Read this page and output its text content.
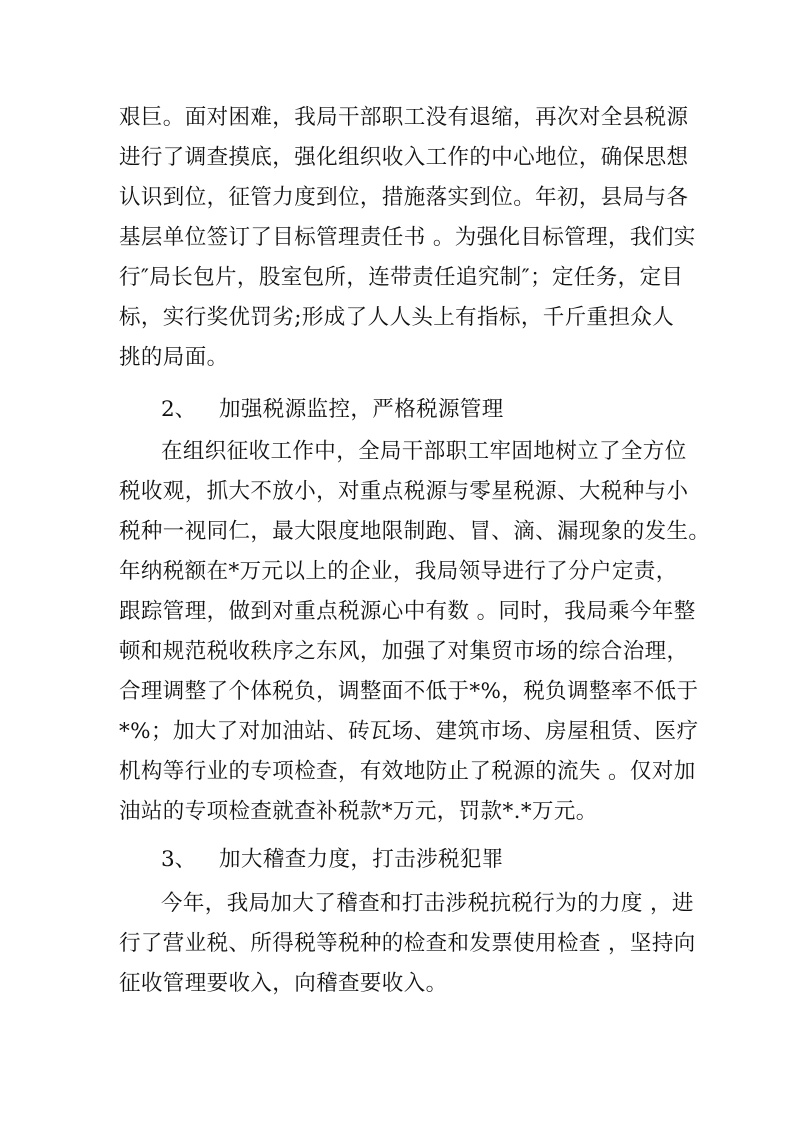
艰巨。面对困难，我局干部职工没有退缩，再次对全县税源
进行了调查摸底，强化组织收入工作的中心地位，确保思想
认识到位，征管力度到位，措施落实到位。年初，县局与各
基层单位签订了目标管理责任书 。为强化目标管理，我们实
行″局长包片，股室包所，连带责任追究制″；定任务，定目
标，实行奖优罚劣;形成了人人头上有指标，千斤重担众人
挑的局面。
2、 加强税源监控，严格税源管理
在组织征收工作中，全局干部职工牢固地树立了全方位
税收观，抓大不放小，对重点税源与零星税源、大税种与小
税种一视同仁，最大限度地限制跑、冒、滴、漏现象的发生。
年纳税额在*万元以上的企业，我局领导进行了分户定责，
跟踪管理，做到对重点税源心中有数 。同时，我局乘今年整
顿和规范税收秩序之东风，加强了对集贸市场的综合治理，
合理调整了个体税负，调整面不低于*%，税负调整率不低于
*%；加大了对加油站、砖瓦场、建筑市场、房屋租赁、医疗
机构等行业的专项检查，有效地防止了税源的流失 。仅对加
油站的专项检查就查补税款*万元，罚款*.*万元。
3、 加大稽查力度，打击涉税犯罪
今年，我局加大了稽查和打击涉税抗税行为的力度 ，进
行了营业税、所得税等税种的检查和发票使用检查 ，坚持向
征收管理要收入，向稽查要收入。
